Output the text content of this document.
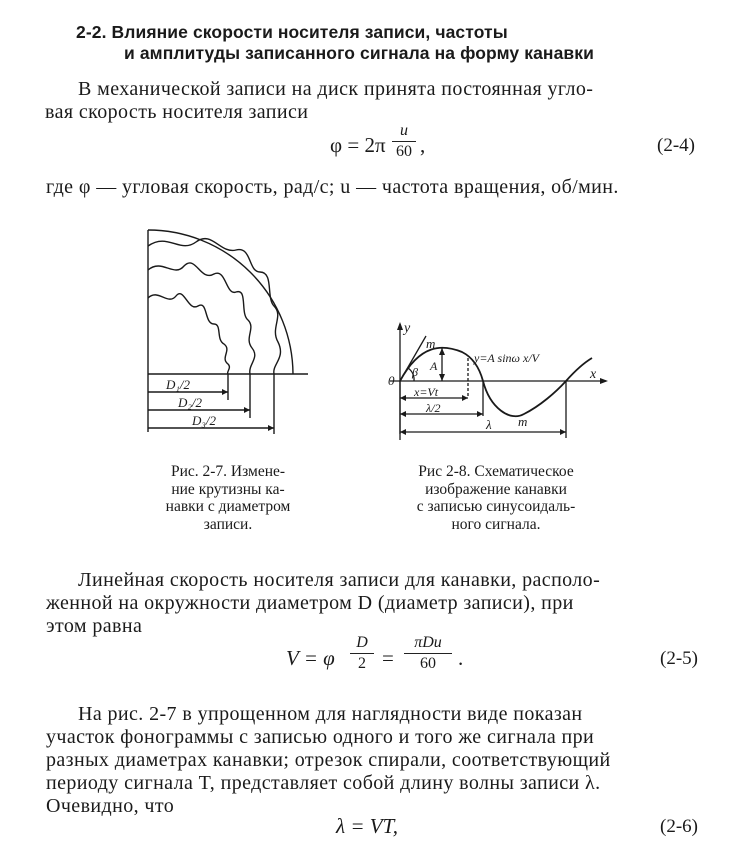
2-2. Влияние скорости носителя записи, частоты
и амплитуды записанного сигнала на форму канавки
В механической записи на диск принята постоянная угло-
вая скорость носителя записи
φ = 2π
u
60 ,	(2-4)
где φ — угловая скорость, рад/с; u — частота вращения, об/мин.
D₁/2
D₂/2
D₃/2
Рис. 2-7. Измене-
ние крутизны ка-
навки с диаметром
записи.
y
x
0
m
m
β A
y=A sinω x/V
x=Vt
λ/2
λ
Рис 2-8. Схематическое
изображение канавки
с записью синусоидаль-
ного сигнала.
Линейная скорость носителя записи для канавки, располо-
женной на окружности диаметром D (диаметр записи), при
этом равна
V = φ
D
2 =
πDu
60	.	(2-5)
На рис. 2-7 в упрощенном для наглядности виде показан
участок фонограммы с записью одного и того же сигнала при
разных диаметрах канавки; отрезок спирали, соответствующий
периоду сигнала T, представляет собой длину волны записи λ.
Очевидно, что
λ = VT,	(2-6)
